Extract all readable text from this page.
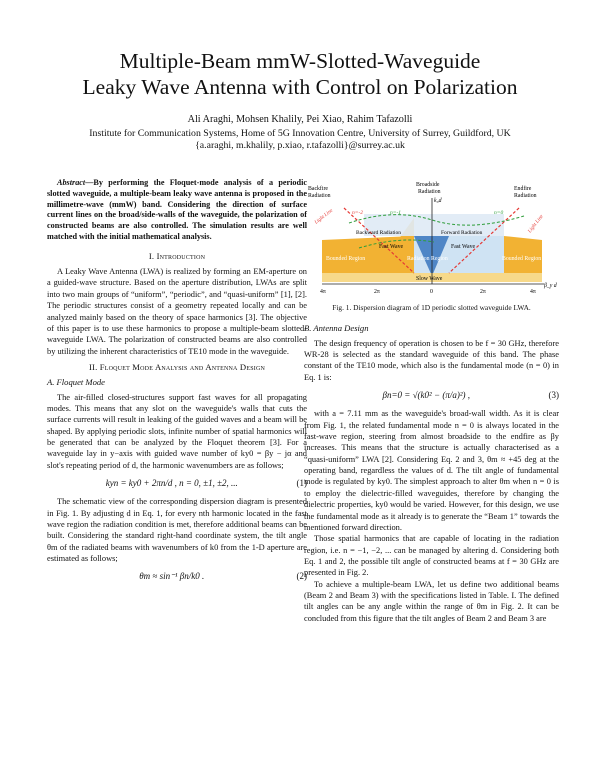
Multiple-Beam mmW-Slotted-Waveguide
Leaky Wave Antenna with Control on Polarization
Ali Araghi, Mohsen Khalily, Pei Xiao, Rahim Tafazolli
Institute for Communication Systems, Home of 5G Innovation Centre, University of Surrey, Guildford, UK
{a.araghi, m.khalily, p.xiao, r.tafazolli}@surrey.ac.uk

Abstract—By performing the Floquet-mode analysis of a periodic slotted waveguide, a multiple-beam leaky wave antenna is proposed in the millimetre-wave (mmW) band. Considering the direction of surface current lines on the broad/side-walls of the waveguide, the polarization of constructed beams are also controlled. The simulation results are well matched with the initial mathematical analysis.

I. Introduction

A Leaky Wave Antenna (LWA) is realized by forming an EM-aperture on a guided-wave structure. Based on the aperture distribution, LWAs are split into two main groups of “uniform”, “periodic”, and “quasi-uniform” [1], [2]. The periodic structures consist of a geometry repeated locally and can be analyzed mainly based on the theory of space harmonics [3]. The objective of this paper is to use these harmonics to propose a multiple-beam slotted-waveguide LWA. The polarization of constructed beams are also controlled by utilizing the inherent characteristics of TE10 mode in the waveguide.

II. Floquet Mode Analysis and Antenna Design
A. Floquet Mode

The air-filled closed-structures support fast waves for all propagating modes. This means that any slot on the waveguide's walls that cuts the surface currents will result in leaking of the guided waves and a beam will be shaped. By applying periodic slots, infinite number of spatial harmonics will be generated that can be analyzed by the Floquet theorem [3]. For a waveguide lay in y−axis with guided wave number of ky0 = βy − jα and slot's repeating period of d, the harmonic wavenumbers are as follows;

kyn = ky0 + 2πn/d , n = 0, ±1, ±2, ...	(1)

The schematic view of the corresponding dispersion diagram is presented in Fig. 1. By adjusting d in Eq. 1, for every nth harmonic located in the fast wave region the radiation condition is met, therefore additional beams can be built. Considering the standard right-hand coordinate system, the tilt angle θm of the radiated beams with wavenumbers of k0 from the 1-D aperture are estimated as follows;

θm ≈ sin⁻¹ βn/k0 .	(2)
Backfire
Radiation
Broadside
Radiation	Endfire
Radiation
k₀d
Backward Radiation	Forward Radiation
Fast Wave	Fast Wave
Bounded Region	Radiation Region	Bounded Region
Slow Wave
n=-2	n=-1	n=0
Light Line	Light Line
β_y d
4π	2π	0	2π	4π
Fig. 1. Dispersion diagram of 1D periodic slotted waveguide LWA.
B. Antenna Design

The design frequency of operation is chosen to be f = 30 GHz, therefore WR-28 is selected as the standard waveguide of this band. The phase constant of the TE10 mode, which also is the fundamental mode (n = 0) in Eq. 1 is:

βn=0 = √(k0² − (π/a)²) ,	(3)

with a = 7.11 mm as the waveguide's broad-wall width. As it is clear from Fig. 1, the related fundamental mode n = 0 is always located in the fast-wave region, steering from almost broadside to the endfire as βy increases. This means that the structure is actually characterised as a “quasi-uniform” LWA [2]. Considering Eq. 2 and 3, θm ≈ +45 deg at the operating band, regardless the values of d. The tilt angle of fundamental mode is regulated by ky0. The simplest approach to alter θm when n = 0 is to employ the dielectric-filled waveguides, therefore by changing the dielectric properties, ky0 would be varied. However, for this design, we use the fundamental mode as it already is to generate the “Beam 1” towards the mentioned forward direction.

Those spatial harmonics that are capable of locating in the radiation region, i.e. n = −1, −2, ... can be managed by altering d. Considering both Eq. 1 and 2, the possible tilt angle of constructed beams at f = 30 GHz are presented in Fig. 2.

To achieve a multiple-beam LWA, let us define two additional beams (Beam 2 and Beam 3) with the specifications listed in Table. I. The defined tilt angles can be any angle within the range of θm in Fig. 2. It can be concluded from this figure that the tilt angles of Beam 2 and Beam 3 are
